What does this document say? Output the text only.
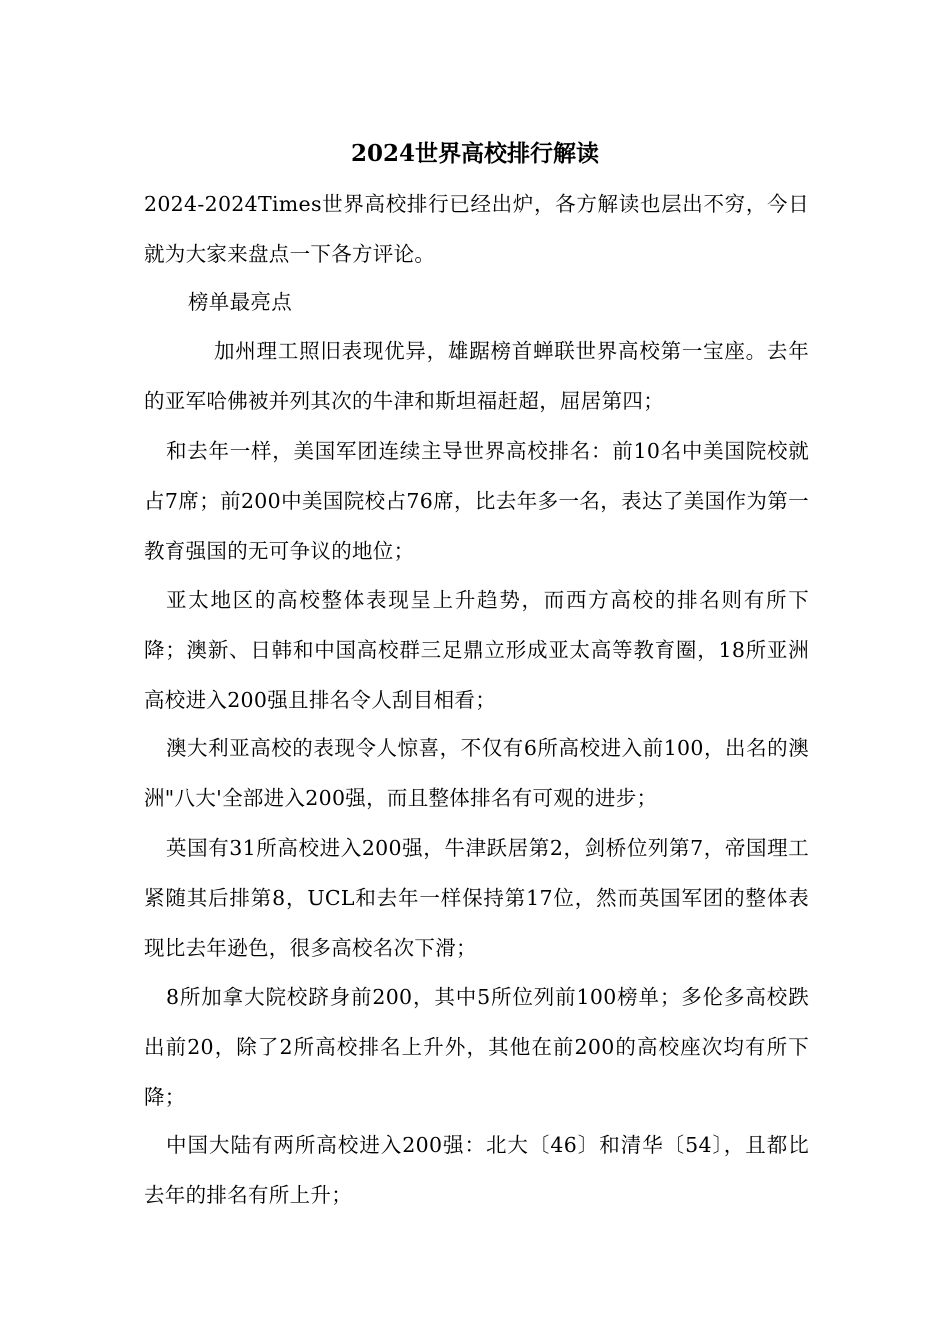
2024世界高校排行解读

2024-2024Times世界高校排行已经出炉，各方解读也层出不穷，今日就为大家来盘点一下各方评论。

榜单最亮点

加州理工照旧表现优异，雄踞榜首蝉联世界高校第一宝座。去年的亚军哈佛被并列其次的牛津和斯坦福赶超，屈居第四；

和去年一样，美国军团连续主导世界高校排名：前10名中美国院校就占7席；前200中美国院校占76席，比去年多一名，表达了美国作为第一教育强国的无可争议的地位；

亚太地区的高校整体表现呈上升趋势，而西方高校的排名则有所下降；澳新、日韩和中国高校群三足鼎立形成亚太高等教育圈，18所亚洲高校进入200强且排名令人刮目相看；

澳大利亚高校的表现令人惊喜，不仅有6所高校进入前100，出名的澳洲"八大'全部进入200强，而且整体排名有可观的进步；

英国有31所高校进入200强，牛津跃居第2，剑桥位列第7，帝国理工紧随其后排第8，UCL和去年一样保持第17位，然而英国军团的整体表现比去年逊色，很多高校名次下滑；

8所加拿大院校跻身前200，其中5所位列前100榜单；多伦多高校跌出前20，除了2所高校排名上升外，其他在前200的高校座次均有所下降；

中国大陆有两所高校进入200强：北大〔46〕和清华〔54〕，且都比去年的排名有所上升；
